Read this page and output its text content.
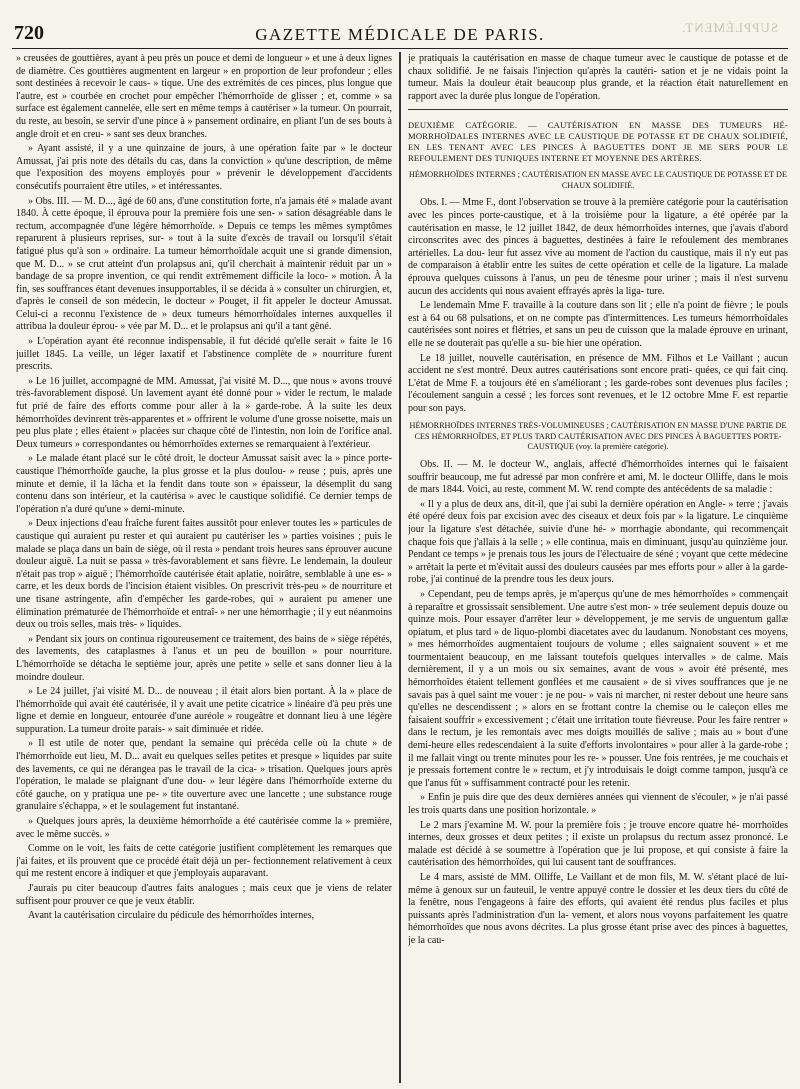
720	GAZETTE MÉDICALE DE PARIS.	SUPPLÉMENT.

» creusées de gouttières, ayant à peu près un pouce et demi de longueur » et une à deux lignes de diamètre. Ces gouttières augmentent en largeur » en proportion de leur profondeur ; elles sont destinées à recevoir le caus- » tique. Une des extrémités de ces pinces, plus longue que l'autre, est » courbée en crochet pour empêcher l'hémorrhoïde de glisser ; et, comme » sa surface est également cannelée, elle sert en même temps à cautériser » la tumeur. On pourrait, du reste, au besoin, se servir d'une pince à » pansement ordinaire, en pliant l'un de ses bouts à angle droit et en creu- » sant ses deux branches.

» Ayant assisté, il y a une quinzaine de jours, à une opération faite par » le docteur Amussat, j'ai pris note des détails du cas, dans la conviction » qu'une description, de même que l'exposition des moyens employés pour » prévenir le développement d'accidents consécutifs pourraient être utiles, » et intéressantes.

» Obs. III. — M. D..., âgé de 60 ans, d'une constitution forte, n'a jamais été » malade avant 1840. À cette époque, il éprouva pour la première fois une sen- » sation désagréable dans le rectum, accompagnée d'une légère hémorrhoïde. » Depuis ce temps les mêmes symptômes reparurent à plusieurs reprises, sur- » tout à la suite d'excès de travail ou lorsqu'il s'était fatigué plus qu'à son » ordinaire. La tumeur hémorrhoïdale acquit une si grande dimension, que M. D... » se crut atteint d'un prolapsus ani, qu'il cherchait à maintenir réduit par un » bandage de sa propre invention, ce qui rendit extrêmement difficile la loco- » motion. À la fin, ses souffrances étant devenues insupportables, il se décida à » consulter un chirurgien, et, d'après le conseil de son médecin, le docteur » Pouget, il fit appeler le docteur Amussat. Celui-ci a reconnu l'existence de » deux tumeurs hémorrhoïdales internes auxquelles il attribua la douleur éprou- » vée par M. D... et le prolapsus ani qu'il a tant gêné.

» L'opération ayant été reconnue indispensable, il fut décidé qu'elle serait » faite le 16 juillet 1845. La veille, un léger laxatif et l'abstinence complète de » nourriture furent prescrits.

» Le 16 juillet, accompagné de MM. Amussat, j'ai visité M. D..., que nous » avons trouvé très-favorablement disposé. Un lavement ayant été donné pour » vider le rectum, le malade fut prié de faire des efforts comme pour aller à la » garde-robe. À la suite les deux hémorrhoïdes devinrent très-apparentes et » offrirent le volume d'une grosse noisette, mais un peu plus plate ; elles étaient » placées sur chaque côté de l'intestin, non loin de l'orifice anal. Deux tumeurs » correspondantes ou hémorrhoïdes externes se remarquaient à l'extérieur.

» Le malade étant placé sur le côté droit, le docteur Amussat saisit avec la » pince porte-caustique l'hémorrhoïde gauche, la plus grosse et la plus doulou- » reuse ; puis, après une minute et demie, il la lâcha et la fendit dans toute son » épaisseur, la désemplit du sang contenu dans son intérieur, et la cautérisa » avec le caustique solidifié. Ce dernier temps de l'opération n'a duré qu'une » demi-minute.

» Deux injections d'eau fraîche furent faites aussitôt pour enlever toutes les » particules de caustique qui auraient pu rester et qui auraient pu cautériser les » parties voisines ; puis le malade se plaça dans un bain de siège, où il resta » pendant trois heures sans éprouver aucune douleur aiguë. La nuit se passa » très-favorablement et sans fièvre. Le lendemain, la douleur n'était pas trop » aiguë ; l'hémorrhoïde cautérisée était aplatie, noirâtre, semblable à une es- » carre, et les deux bords de l'incision étaient visibles. On prescrivit très-peu » de nourriture et une tisane astringente, afin d'empêcher les garde-robes, qui » auraient pu amener une élimination prématurée de l'hémorrhoïde et entraî- » ner une hémorrhagie ; il y eut néanmoins deux ou trois selles, mais très- » liquides.

» Pendant six jours on continua rigoureusement ce traitement, des bains de » siège répétés, des lavements, des cataplasmes à l'anus et un peu de bouillon » pour nourriture. L'hémorrhoïde se détacha le septième jour, après une petite » selle et sans donner lieu à la moindre douleur.

» Le 24 juillet, j'ai visité M. D... de nouveau ; il était alors bien portant. À la » place de l'hémorrhoïde qui avait été cautérisée, il y avait une petite cicatrice » linéaire d'à peu près une ligne et demie en longueur, entourée d'une auréole » rougeâtre et donnant lieu à une légère suppuration. La tumeur droite parais- » sait diminuée et ridée.

» Il est utile de noter que, pendant la semaine qui précéda celle où la chute » de l'hémorrhoïde eut lieu, M. D... avait eu quelques selles petites et presque » liquides par suite des lavements, ce qui ne dérangea pas le travail de la cica- » trisation. Quelques jours après l'opération, le malade se plaignant d'une dou- » leur légère dans l'hémorrhoïde externe du côté gauche, on y pratiqua une pe- » tite ouverture avec une lancette ; une substance rouge granulaire s'échappa, » et le soulagement fut instantané.

» Quelques jours après, la deuxième hémorrhoïde a été cautérisée comme la » première, avec le même succès. »

Comme on le voit, les faits de cette catégorie justifient complètement les remarques que j'ai faites, et ils prouvent que ce procédé était déjà un per- fectionnement relativement à ceux qui me restent encore à indiquer et que j'employais auparavant.

J'aurais pu citer beaucoup d'autres faits analogues ; mais ceux que je viens de relater suffisent pour prouver ce que je veux établir.

Avant la cautérisation circulaire du pédicule des hémorrhoïdes internes,

je pratiquais la cautérisation en masse de chaque tumeur avec le caustique de potasse et de chaux solidifié. Je ne faisais l'injection qu'après la cautéri- sation et je ne vidais point la tumeur. Mais la douleur était beaucoup plus grande, et la réaction était naturellement en rapport avec la durée plus longue de l'opération.

DEUXIÈME CATÉGORIE. — CAUTÉRISATION EN MASSE DES TUMEURS HÉ- MORRHOÏDALES INTERNES AVEC LE CAUSTIQUE DE POTASSE ET DE CHAUX SOLIDIFIÉ, EN LES TENANT AVEC LES PINCES À BAGUETTES DONT JE ME SERS POUR LE REFOULEMENT DES TUNIQUES INTERNE ET MOYENNE DES ARTÈRES.

HÉMORRHOÏDES INTERNES ; CAUTÉRISATION EN MASSE AVEC LE CAUSTIQUE DE POTASSE ET DE CHAUX SOLIDIFIÉ.

Obs. I. — Mme F., dont l'observation se trouve à la première catégorie pour la cautérisation avec les pinces porte-caustique, et à la troisième pour la ligature, a été opérée par la cautérisation en masse, le 12 juillet 1842, de deux hémorrhoïdes internes, que j'avais d'abord circonscrites avec des pinces à baguettes, destinées à faire le refoulement des membranes artérielles. La dou- leur fut assez vive au moment de l'action du caustique, mais il n'y eut pas de comparaison à établir entre les suites de cette opération et celle de la ligature. La malade éprouva quelques cuissons à l'anus, un peu de ténesme pour uriner ; mais il n'est survenu aucun des accidents qui nous avaient effrayés après la liga- ture.

Le lendemain Mme F. travaille à la couture dans son lit ; elle n'a point de fièvre ; le pouls est à 64 ou 68 pulsations, et on ne compte pas d'intermittences. Les tumeurs hémorrhoïdales cautérisées sont noires et flétries, et sans un peu de cuisson que la malade éprouve en urinant, elle ne se douterait pas qu'elle a su- bie hier une opération.

Le 18 juillet, nouvelle cautérisation, en présence de MM. Filhos et Le Vaillant ; aucun accident ne s'est montré. Deux autres cautérisations sont encore prati- quées, ce qui fait cinq. L'état de Mme F. a toujours été en s'améliorant ; les garde-robes sont devenues plus faciles ; l'écoulement sanguin a cessé ; les forces sont revenues, et le 12 octobre Mme F. est repartie pour son pays.

HÉMORRHOÏDES INTERNES TRÈS-VOLUMINEUSES ; CAUTÉRISATION EN MASSE D'UNE PARTIE DE CES HÉMORRHOÏDES, ET PLUS TARD CAUTÉRISATION AVEC DES PINCES À BAGUETTES PORTE-CAUSTIQUE (voy. la première catégorie).

Obs. II. — M. le docteur W., anglais, affecté d'hémorrhoïdes internes qui le faisaient souffrir beaucoup, me fut adressé par mon confrère et ami, M. le docteur Olliffe, dans le mois de mars 1844. Voici, au reste, comment M. W. rend compte des antécédents de sa maladie :

« Il y a plus de deux ans, dit-il, que j'ai subi la dernière opération en Angle- » terre ; j'avais été opéré deux fois par excision avec des ciseaux et deux fois par » la ligature. Le cinquième jour la ligature s'est détachée, suivie d'une hé- » morrhagie abondante, qui recommençait chaque fois que j'allais à la selle ; » elle continua, mais en diminuant, jusqu'au quinzième jour. Pendant ce temps » je prenais tous les jours de l'électuaire de séné ; voyant que cette médecine » arrêtait la perte et m'évitait aussi des douleurs causées par mes efforts pour » aller à la garde-robe, j'ai continué de la prendre tous les deux jours.

» Cependant, peu de temps après, je m'aperçus qu'une de mes hémorrhoïdes » commençait à reparaître et grossissait sensiblement. Une autre s'est mon- » trée seulement depuis douze ou quinze mois. Pour essayer d'arrêter leur » développement, je me servis de unguentum gallæ opiatum, et plus tard » de liquo-plombi diacetates avec du laudanum. Nonobstant ces moyens, » mes hémorrhoïdes augmentaient toujours de volume ; elles saignaient souvent » et me tourmentaient beaucoup, en me laissant toutefois quelques intervalles » de calme. Mais dernièrement, il y a un mois ou six semaines, avant de vous » avoir été présenté, mes hémorrhoïdes étaient tellement gonflées et me causaient » de si vives souffrances que je ne savais pas à quel saint me vouer : je ne pou- » vais ni marcher, ni rester debout une heure sans qu'elles ne descendissent ; » alors en se frottant contre la chemise ou le caleçon elles me faisaient souffrir » excessivement ; c'était une irritation toute fiévreuse. Pour les faire rentrer » dans le rectum, je les remontais avec mes doigts mouillés de salive ; mais au » bout d'une demi-heure elles redescendaient à la suite d'efforts involontaires » pour aller à la garde-robe ; il me fallait vingt ou trente minutes pour les re- » pousser. Une fois rentrées, je me couchais et je pressais fortement contre le » rectum, et j'y introduisais le doigt comme tampon, jusqu'à ce que l'anus fût » suffisamment contracté pour les retenir.

» Enfin je puis dire que des deux dernières années qui viennent de s'écouler, » je n'ai passé les trois quarts dans une position horizontale. »

Le 2 mars j'examine M. W. pour la première fois ; je trouve encore quatre hé- morrhoïdes internes, deux grosses et deux petites ; il existe un prolapsus du rectum assez prononcé. Le malade est décidé à se soumettre à l'opération que je lui propose, et qui consiste à faire la cautérisation des hémorrhoïdes, qui lui causent tant de souffrances.

Le 4 mars, assisté de MM. Olliffe, Le Vaillant et de mon fils, M. W. s'étant placé de lui-même à genoux sur un fauteuil, le ventre appuyé contre le dossier et les deux tiers du côté de la fenêtre, nous l'engageons à faire des efforts, qui avaient été rendus plus faciles et plus puissants après l'administration d'un la- vement, et alors nous voyons parfaitement les quatre hémorrhoïdes que nous avons décrites. La plus grosse étant prise avec des pinces à baguettes, je la cau-
